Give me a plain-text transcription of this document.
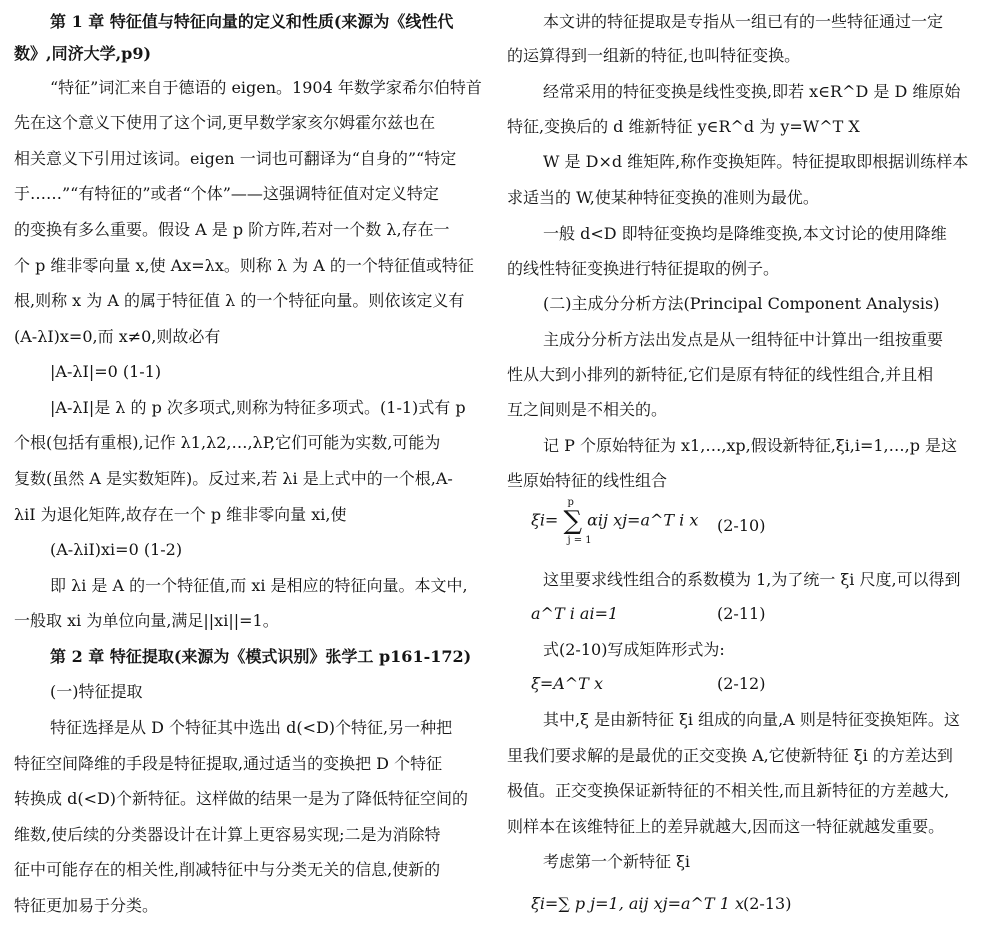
第 1 章 特征值与特征向量的定义和性质(来源为《线性代
数》,同济大学,p9)
“特征”词汇来自于德语的 eigen。1904 年数学家希尔伯特首
先在这个意义下使用了这个词,更早数学家亥尔姆霍尔兹也在
相关意义下引用过该词。eigen 一词也可翻译为“自身的”“特定
于……”“有特征的”或者“个体”——这强调特征值对定义特定
的变换有多么重要。假设 A 是 p 阶方阵,若对一个数 λ,存在一
个 p 维非零向量 x,使 Ax=λx。则称 λ 为 A 的一个特征值或特征
根,则称 x 为 A 的属于特征值 λ 的一个特征向量。则依该定义有
(A-λI)x=0,而 x≠0,则故必有
|A-λI|=0 (1-1)
|A-λI|是 λ 的 p 次多项式,则称为特征多项式。(1-1)式有 p
个根(包括有重根),记作 λ1,λ2,…,λP,它们可能为实数,可能为
复数(虽然 A 是实数矩阵)。反过来,若 λi 是上式中的一个根,A-
λiI 为退化矩阵,故存在一个 p 维非零向量 xi,使
(A-λiI)xi=0 (1-2)
即 λi 是 A 的一个特征值,而 xi 是相应的特征向量。本文中,
一般取 xi 为单位向量,满足||xi||=1。
第 2 章 特征提取(来源为《模式识别》张学工 p161-172)
(一)特征提取
特征选择是从 D 个特征其中选出 d(<D)个特征,另一种把
特征空间降维的手段是特征提取,通过适当的变换把 D 个特征
转换成 d(<D)个新特征。这样做的结果一是为了降低特征空间的
维数,使后续的分类器设计在计算上更容易实现;二是为消除特
征中可能存在的相关性,削减特征中与分类无关的信息,使新的
特征更加易于分类。
ξi=
p
∑
j = 1
αij xj=a^T i x (2-10)
a^T i ai=1	(2-11)
ξ=A^T x	(2-12)
ξi=∑ p j=1, aij xj=a^T 1 x (2-13)
本文讲的特征提取是专指从一组已有的一些特征通过一定
的运算得到一组新的特征,也叫特征变换。
经常采用的特征变换是线性变换,即若 x∈R^D 是 D 维原始
特征,变换后的 d 维新特征 y∈R^d 为 y=W^T X
W 是 D×d 维矩阵,称作变换矩阵。特征提取即根据训练样本
求适当的 W,使某种特征变换的准则为最优。
一般 d<D 即特征变换均是降维变换,本文讨论的使用降维
的线性特征变换进行特征提取的例子。
(二)主成分分析方法(Principal Component Analysis)
主成分分析方法出发点是从一组特征中计算出一组按重要
性从大到小排列的新特征,它们是原有特征的线性组合,并且相
互之间则是不相关的。
记 P 个原始特征为 x1,…,xp,假设新特征,ξi,i=1,…,p 是这
些原始特征的线性组合
这里要求线性组合的系数模为 1,为了统一 ξi 尺度,可以得到
式(2-10)写成矩阵形式为:
其中,ξ 是由新特征 ξi 组成的向量,A 则是特征变换矩阵。这
里我们要求解的是最优的正交变换 A,它使新特征 ξi 的方差达到
极值。正交变换保证新特征的不相关性,而且新特征的方差越大,
则样本在该维特征上的差异就越大,因而这一特征就越发重要。
考虑第一个新特征 ξi
